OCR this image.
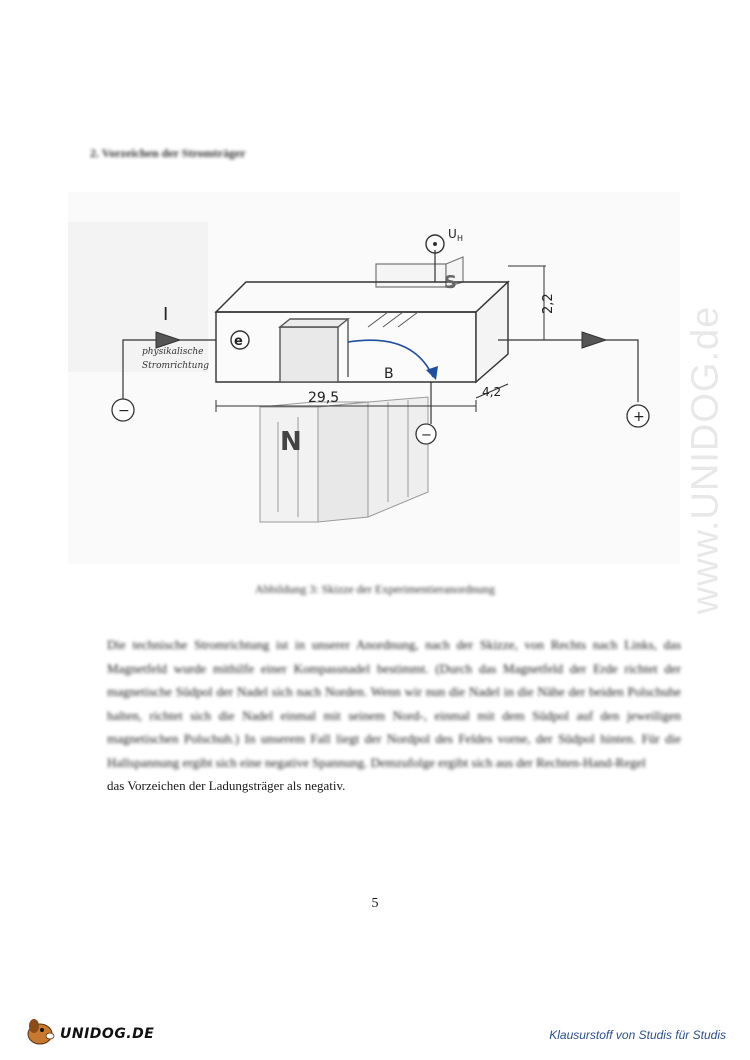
www.UNIDOG.de
2. Vorzeichen der Stromträger
I
e
U H
S
N
physikalische
Stromrichtung	B
29,5
2,2
4,2
−
−
+
Abbildung 3: Skizze der Experimentieranordnung
Die technische Stromrichtung ist in unserer Anordnung, nach der Skizze, von Rechts nach Links, das Magnetfeld wurde mithilfe einer Kompassnadel bestimmt. (Durch das Magnetfeld der Erde richtet der magnetische Südpol der Nadel sich nach Norden. Wenn wir nun die Nadel in die Nähe der beiden Polschuhe halten, richtet sich die Nadel einmal mit seinem Nord-, einmal mit dem Südpol auf den jeweiligen magnetischen Polschuh.) In unserem Fall liegt der Nordpol des Feldes vorne, der Südpol hinten. Für die Hallspannung ergibt sich eine negative Spannung. Demzufolge ergibt sich aus der Rechten-Hand-Regel
das Vorzeichen der Ladungsträger als negativ.
5
UNIDOG.DE	Klausurstoff von Studis für Studis
